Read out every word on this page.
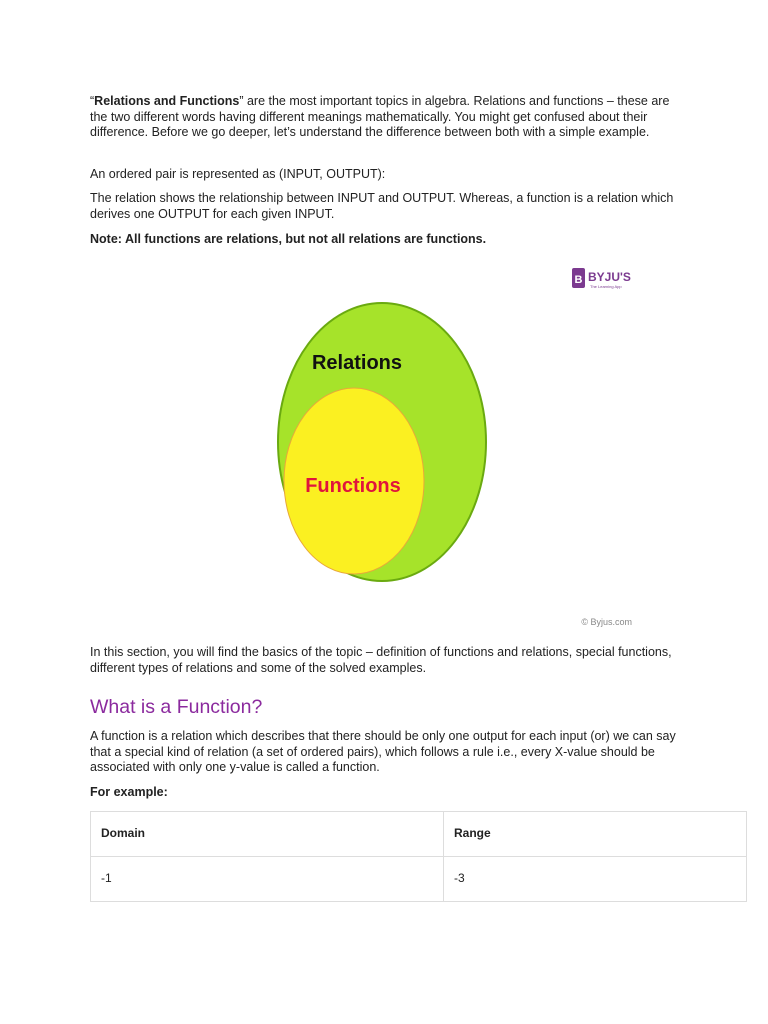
“Relations and Functions” are the most important topics in algebra. Relations and functions – these are the two different words having different meanings mathematically. You might get confused about their difference. Before we go deeper, let’s understand the difference between both with a simple example.

An ordered pair is represented as (INPUT, OUTPUT):

The relation shows the relationship between INPUT and OUTPUT. Whereas, a function is a relation which derives one OUTPUT for each given INPUT.

Note: All functions are relations, but not all relations are functions.

B BYJU'S
The Learning App
Relations
Functions
© Byjus.com

In this section, you will find the basics of the topic – definition of functions and relations, special functions, different types of relations and some of the solved examples.

What is a Function?

A function is a relation which describes that there should be only one output for each input (or) we can say that a special kind of relation (a set of ordered pairs), which follows a rule i.e., every X-value should be associated with only one y-value is called a function.

For example:

Domain	Range
-1	-3
